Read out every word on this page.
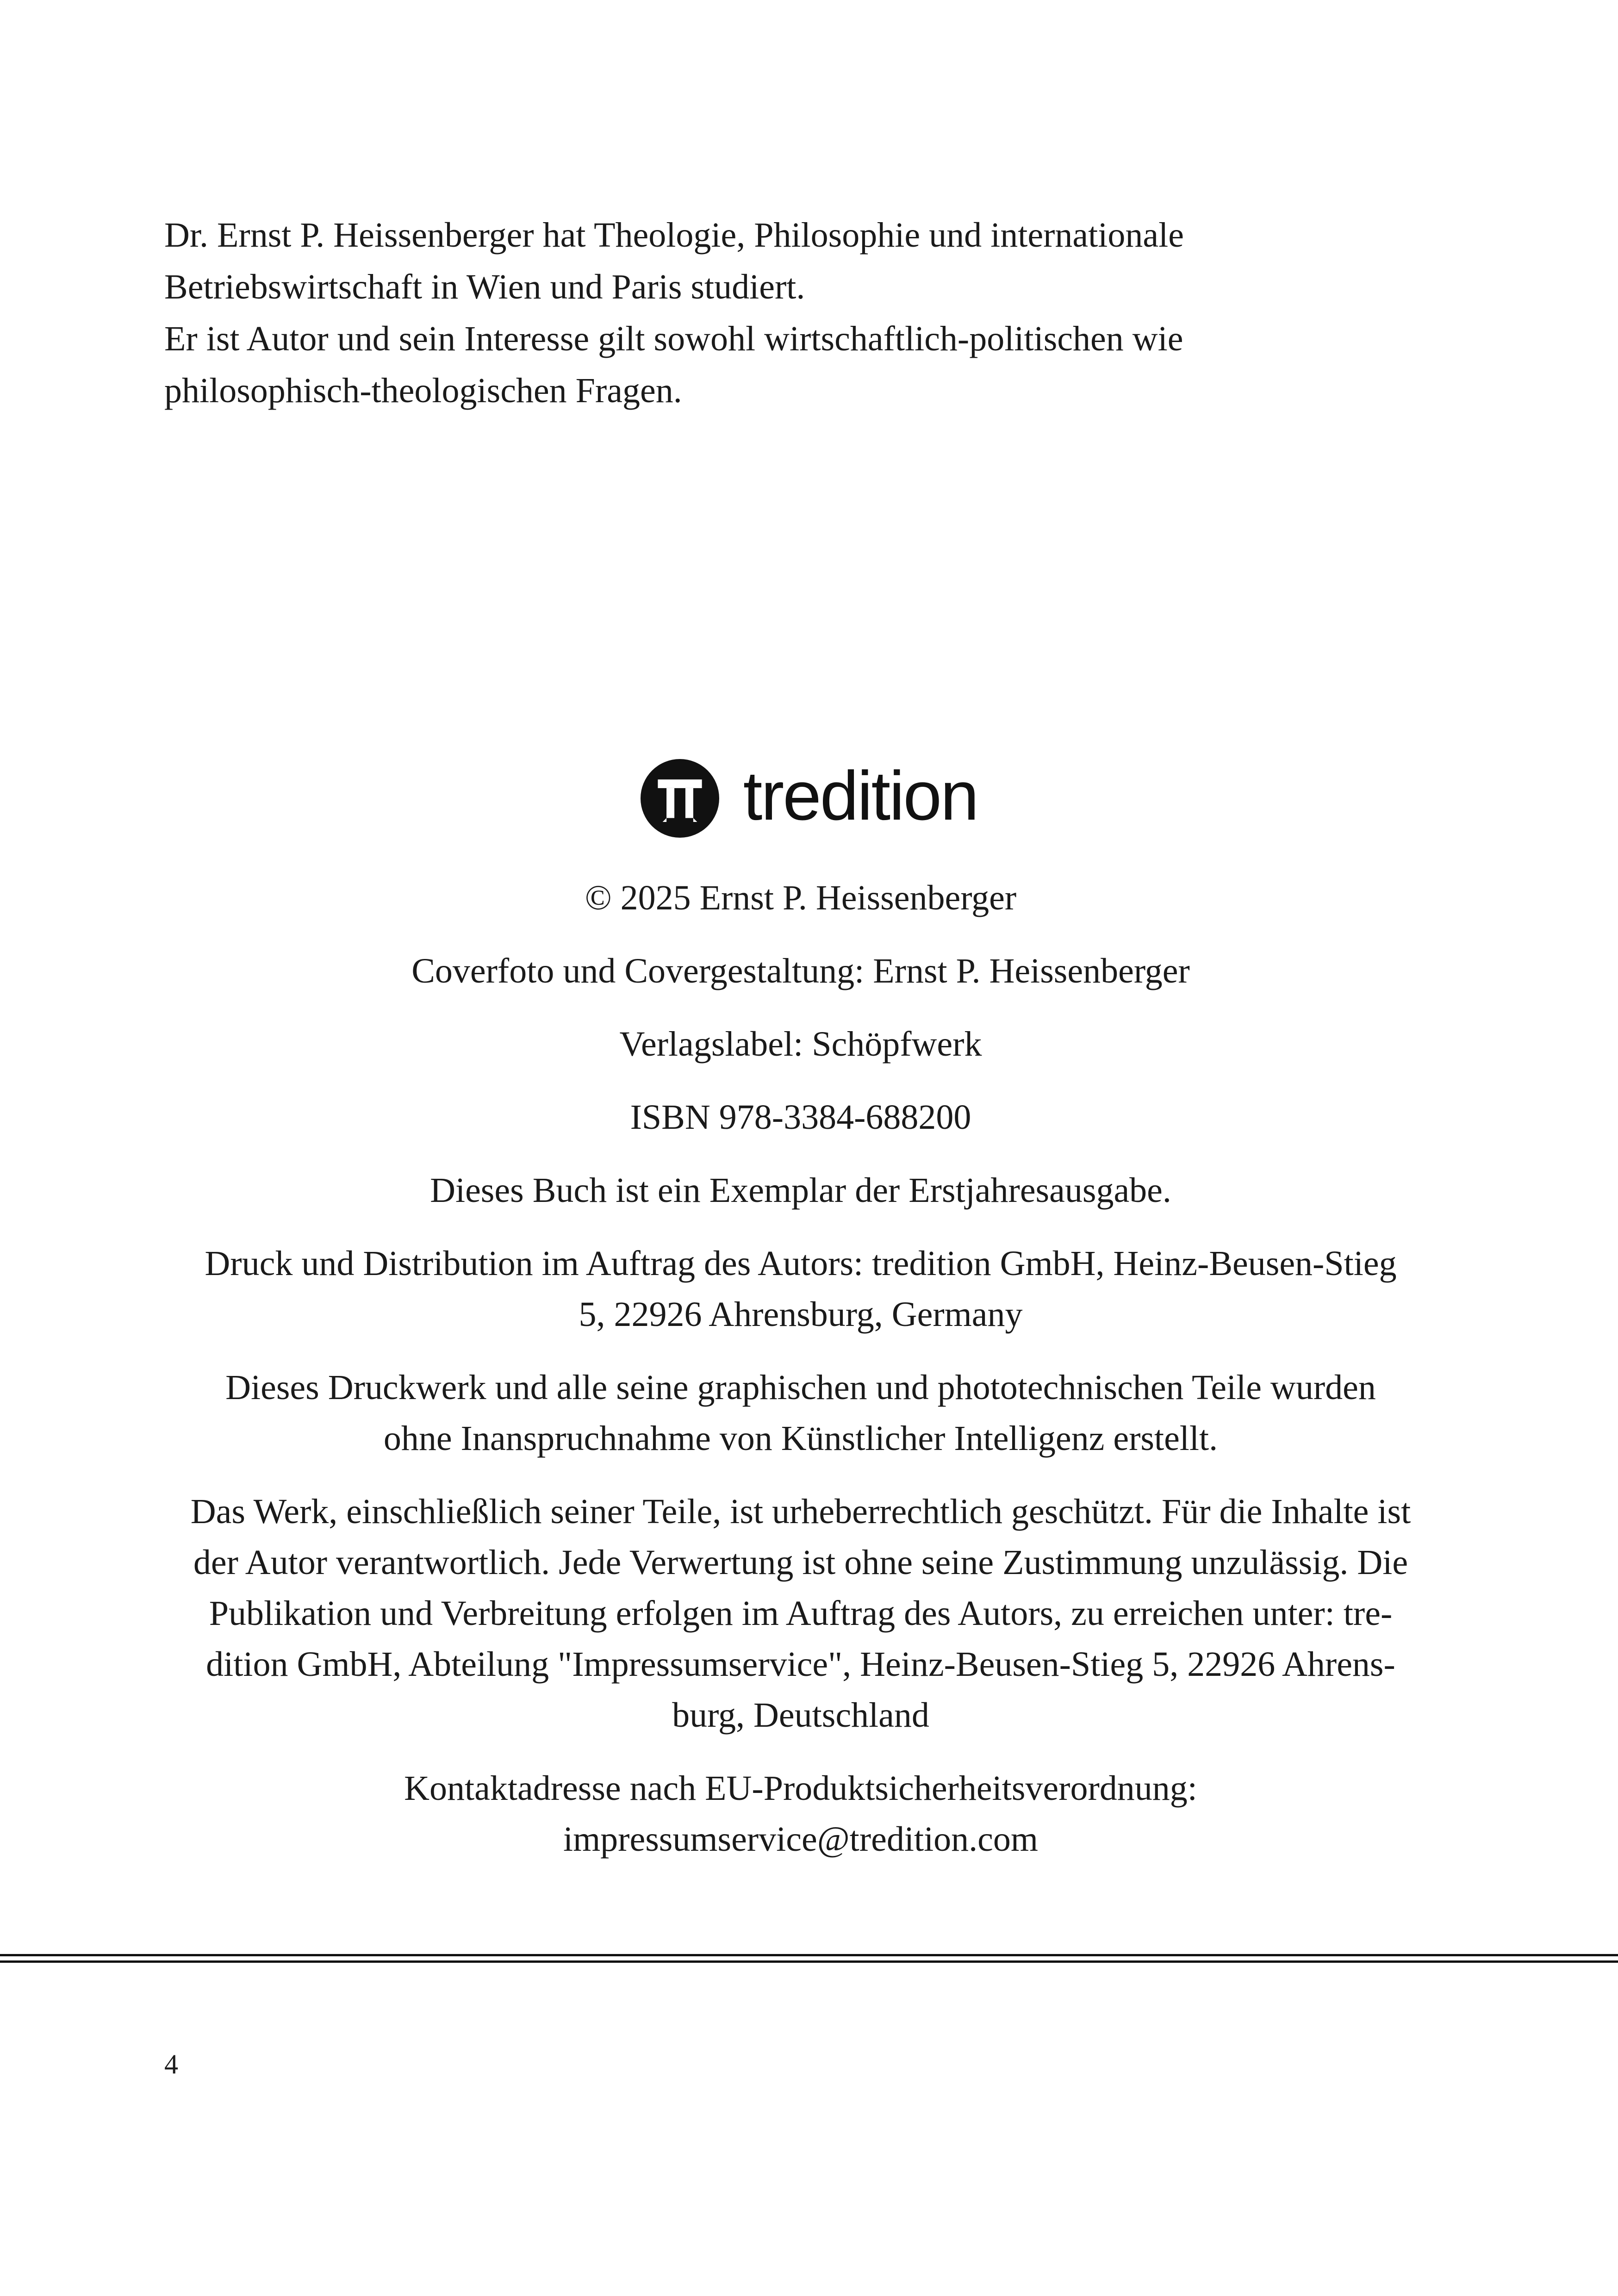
Dr. Ernst P. Heissenberger hat Theologie, Philosophie und internationale

Betriebswirtschaft in Wien und Paris studiert.

Er ist Autor und sein Interesse gilt sowohl wirtschaftlich-politischen wie

philosophisch-theologischen Fragen.

tredition

© 2025 Ernst P. Heissenberger

Coverfoto und Covergestaltung: Ernst P. Heissenberger

Verlagslabel: Schöpfwerk

ISBN 978-3384-688200

Dieses Buch ist ein Exemplar der Erstjahresausgabe.

Druck und Distribution im Auftrag des Autors: tredition GmbH, Heinz-Beusen-Stieg
5, 22926 Ahrensburg, Germany

Dieses Druckwerk und alle seine graphischen und phototechnischen Teile wurden
ohne Inanspruchnahme von Künstlicher Intelligenz erstellt.

Das Werk, einschließlich seiner Teile, ist urheberrechtlich geschützt. Für die Inhalte ist
der Autor verantwortlich. Jede Verwertung ist ohne seine Zustimmung unzulässig. Die
Publikation und Verbreitung erfolgen im Auftrag des Autors, zu erreichen unter: tre-
dition GmbH, Abteilung "Impressumservice", Heinz-Beusen-Stieg 5, 22926 Ahrens-
burg, Deutschland

Kontaktadresse nach EU-Produktsicherheitsverordnung:
impressumservice@tredition.com

4
